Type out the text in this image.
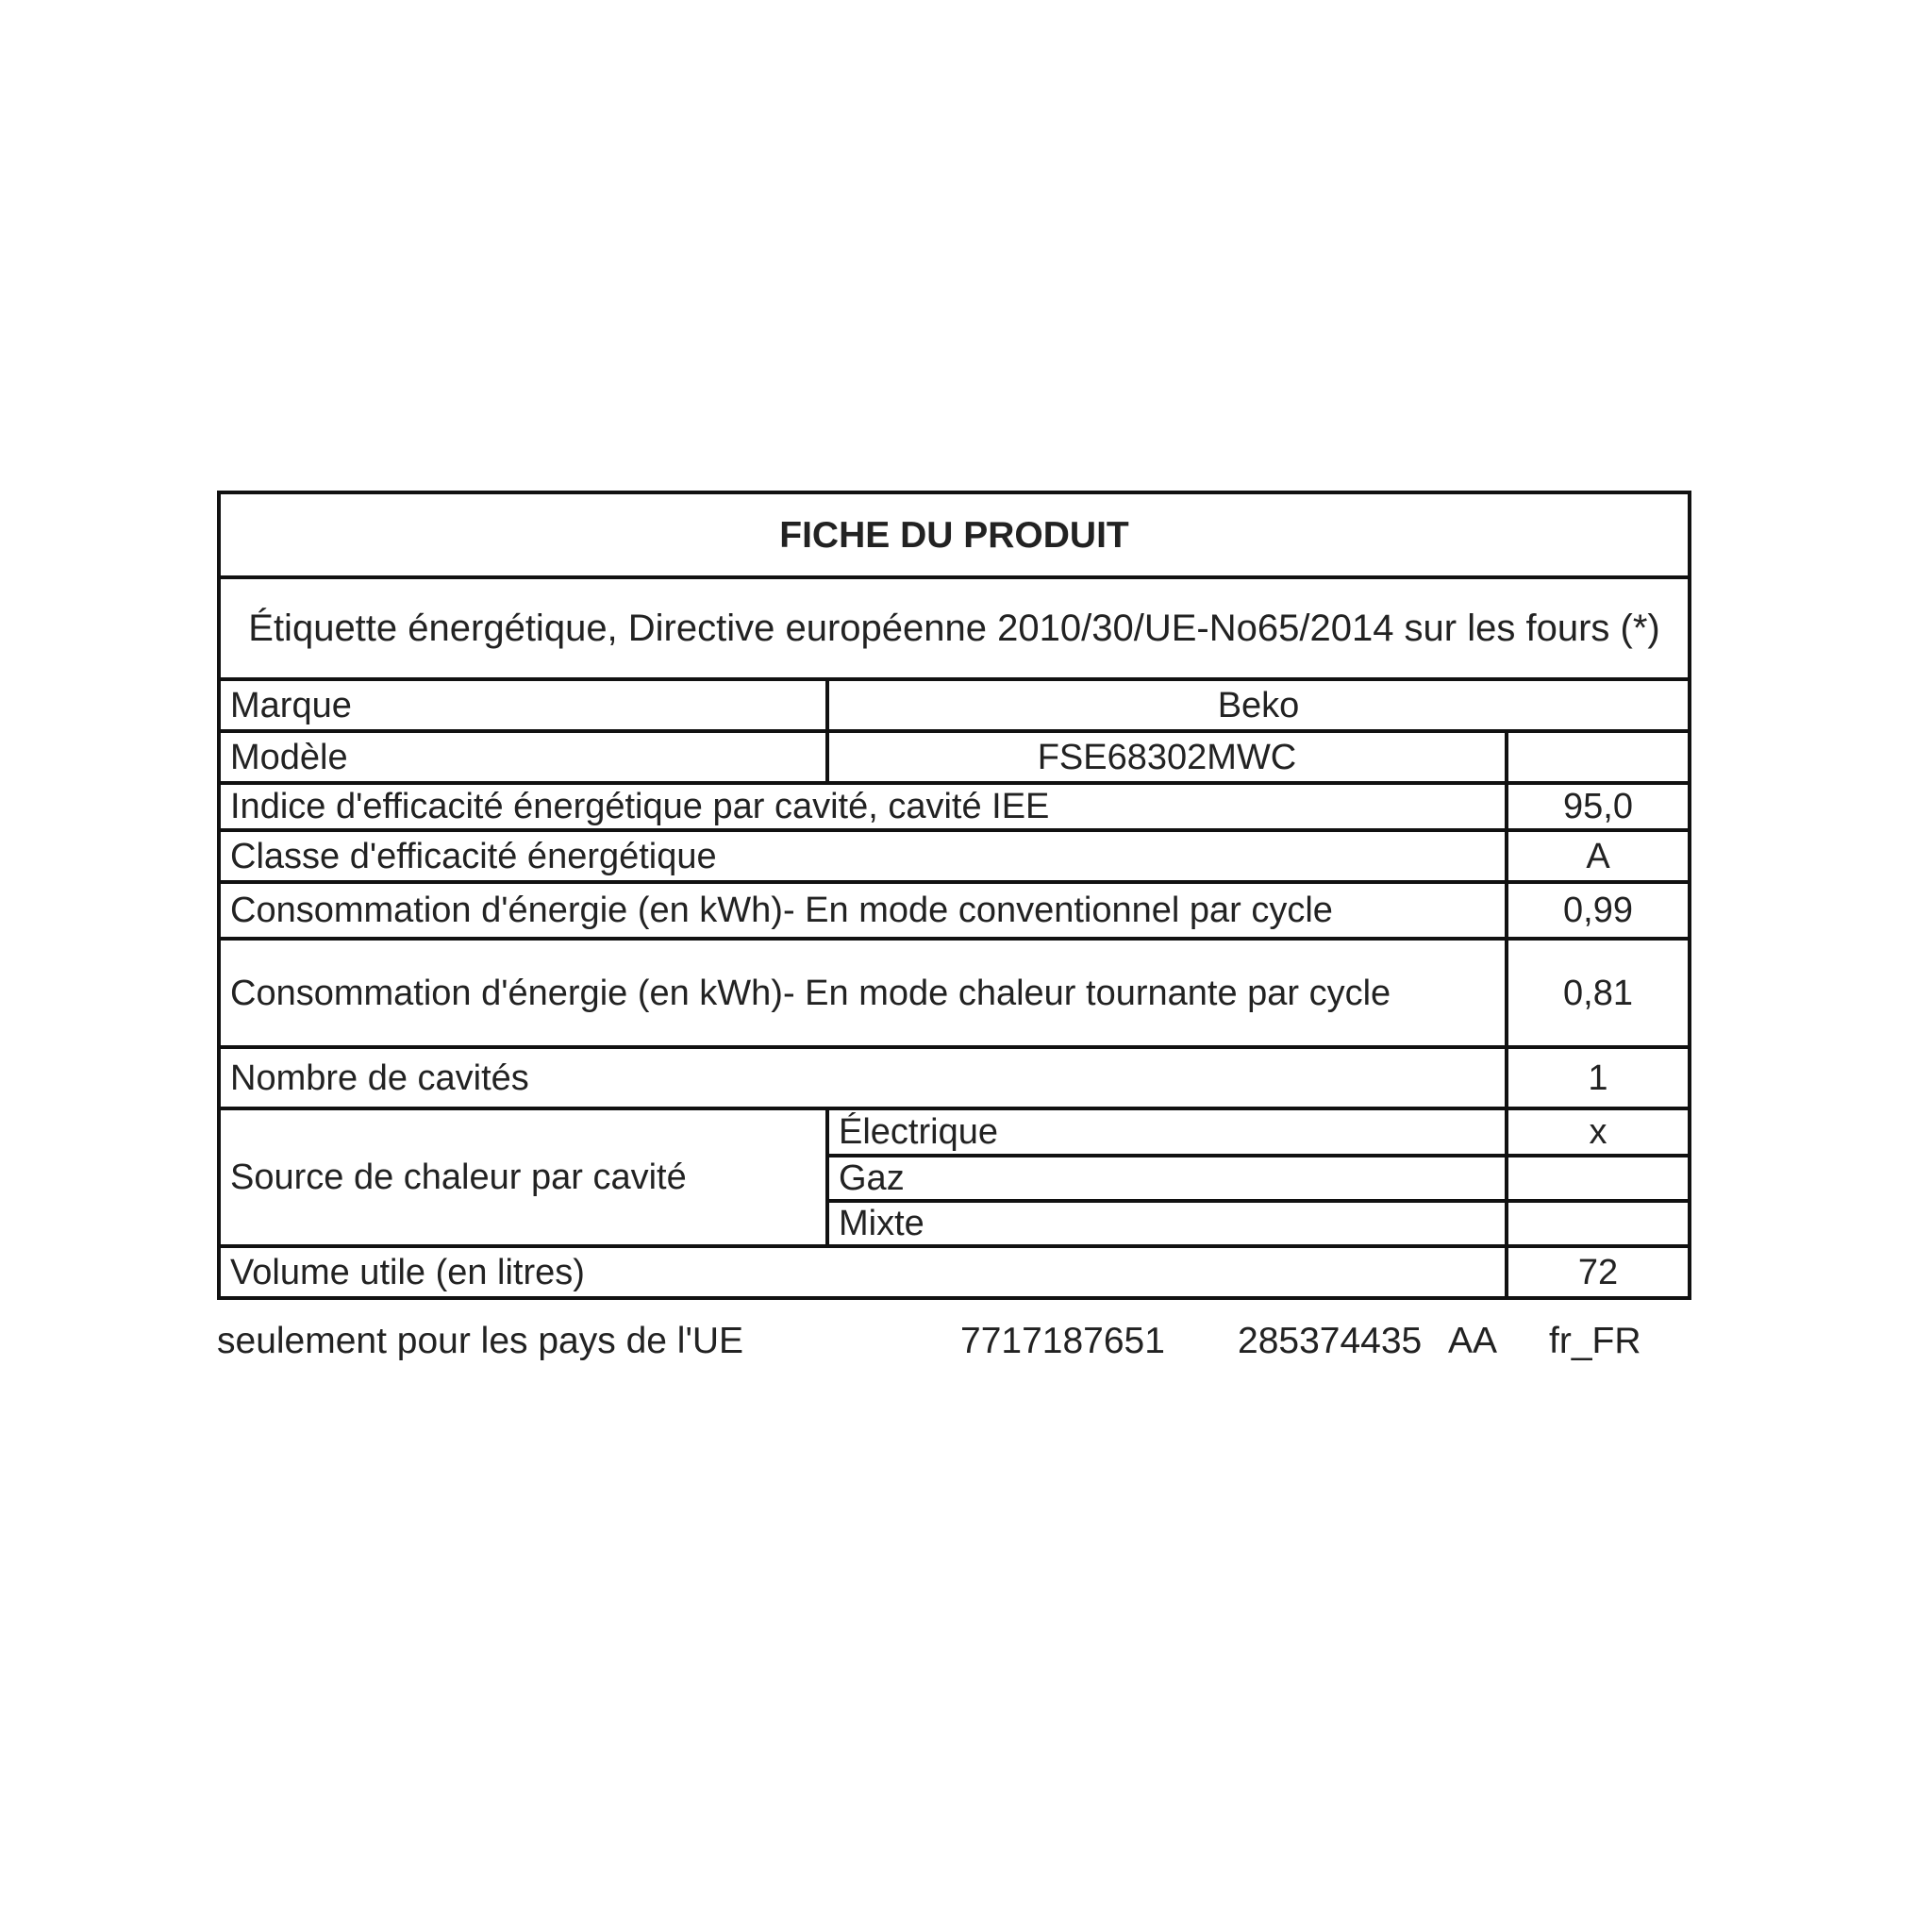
FICHE DU PRODUIT		
Étiquette énergétique, Directive européenne 2010/30/UE-No65/2014 sur les fours (*)		
Marque	Beko	
Modèle	FSE68302MWC	
Indice d'efficacité énergétique par cavité, cavité IEE		95,0
Classe d'efficacité énergétique		A
Consommation d'énergie (en kWh)- En mode conventionnel par cycle		0,99
Consommation d'énergie (en kWh)- En mode chaleur tournante par cycle		0,81
Nombre de cavités		1
Source de chaleur par cavité	Électrique	x
	Gaz	
	Mixte	
Volume utile (en litres)		72
seulement pour les pays de l'UE	7717187651 285374435 AA fr_FR
